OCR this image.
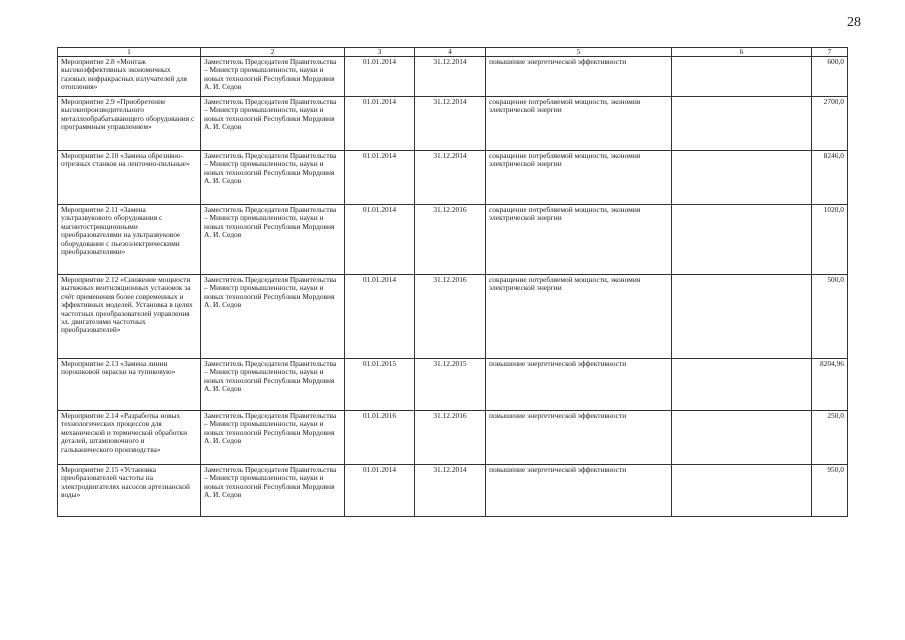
28
1	2	3	4	5	6	7
Мероприятие 2.8 «Монтаж высокоэффективных экономичных газовых инфракрасных излучателей для отопления»	Заместитель Председателя Правительства – Министр промышленности, науки и новых технологий Республики Мордовия А. И. Седов	01.01.2014	31.12.2014	повышение энергетической эффективности		600,0
Мероприятие 2.9 «Приобретение высокопроизводительного металлообрабатывающего оборудования с программным управлением»	Заместитель Председателя Правительства – Министр промышленности, науки и новых технологий Республики Мордовия А. И. Седов	01.01.2014	31.12.2014	сокращение потребляемой мощности, экономия электрической энергии		2700,0
Мероприятие 2.10 «Замена обрезивно-отрезных станков на ленточно-пильные»	Заместитель Председателя Правительства – Министр промышленности, науки и новых технологий Республики Мордовия А. И. Седов	01.01.2014	31.12.2014	сокращение потребляемой мощности, экономия электрической энергии		8246,0
Мероприятие 2.11 «Замена ультразвукового оборудования с магнитострикционными преобразователями на ультразвуковое оборудование с пьезоэлектрическими преобразователями»	Заместитель Председателя Правительства – Министр промышленности, науки и новых технологий Республики Мордовия А. И. Седов	01.01.2014	31.12.2016	сокращение потребляемой мощности, экономия электрической энергии		1020,0
Мероприятие 2.12 «Снижение мощности вытяжных вентиляционных установок за счёт применения более современных и эффективных моделей. Установка в целях частотных преобразователей управления эл. двигателями частотных преобразователей»	Заместитель Председателя Правительства – Министр промышленности, науки и новых технологий Республики Мордовия А. И. Седов	01.01.2014	31.12.2016	сокращение потребляемой мощности, экономия электрической энергии		500,0
Мероприятие 2.13 «Замена линии порошковой окраски на тупиковую»	Заместитель Председателя Правительства – Министр промышленности, науки и новых технологий Республики Мордовия А. И. Седов	01.01.2015	31.12.2015	повышение энергетической эффективности		8204,96
Мероприятие 2.14 «Разработка новых технологических процессов для механической и термической обработки деталей, штамповочного и гальванического производства»	Заместитель Председателя Правительства – Министр промышленности, науки и новых технологий Республики Мордовия А. И. Седов	01.01.2016	31.12.2016	повышение энергетической эффективности		250,0
Мероприятие 2.15 «Установка преобразователей частоты на электродвигателях насосов артезианской воды»	Заместитель Председателя Правительства – Министр промышленности, науки и новых технологий Республики Мордовия А. И. Седов	01.01.2014	31.12.2014	повышение энергетической эффективности		950,0
